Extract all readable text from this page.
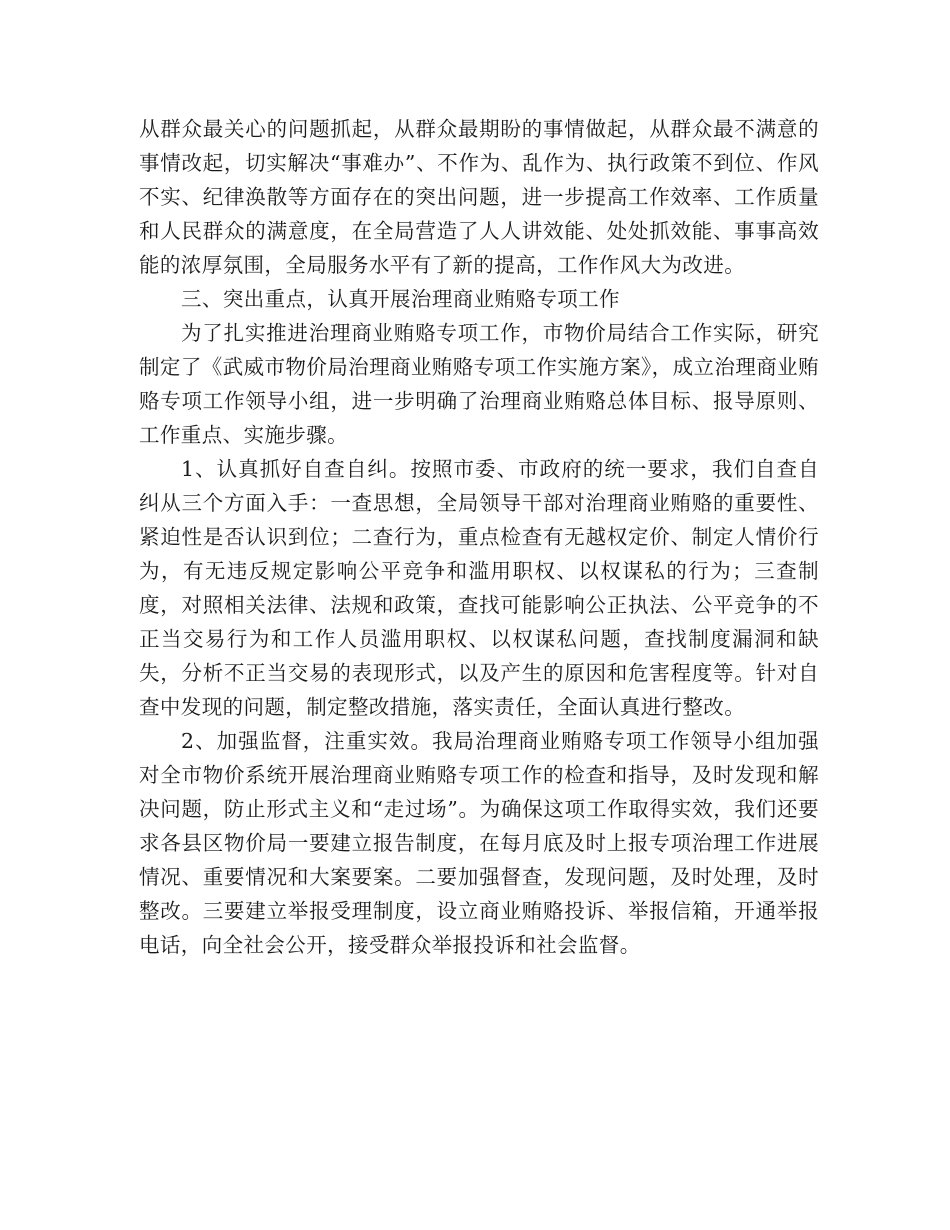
从群众最关心的问题抓起，从群众最期盼的事情做起，从群众最不满意的事情改起，切实解决“事难办”、不作为、乱作为、执行政策不到位、作风不实、纪律涣散等方面存在的突出问题，进一步提高工作效率、工作质量和人民群众的满意度，在全局营造了人人讲效能、处处抓效能、事事高效能的浓厚氛围，全局服务水平有了新的提高，工作作风大为改进。

三、突出重点，认真开展治理商业贿赂专项工作

为了扎实推进治理商业贿赂专项工作，市物价局结合工作实际，研究制定了《武威市物价局治理商业贿赂专项工作实施方案》，成立治理商业贿赂专项工作领导小组，进一步明确了治理商业贿赂总体目标、报导原则、工作重点、实施步骤。

1、认真抓好自查自纠。按照市委、市政府的统一要求，我们自查自纠从三个方面入手：一查思想，全局领导干部对治理商业贿赂的重要性、紧迫性是否认识到位；二查行为，重点检查有无越权定价、制定人情价行为，有无违反规定影响公平竞争和滥用职权、以权谋私的行为；三查制度，对照相关法律、法规和政策，查找可能影响公正执法、公平竞争的不正当交易行为和工作人员滥用职权、以权谋私问题，查找制度漏洞和缺失，分析不正当交易的表现形式，以及产生的原因和危害程度等。针对自查中发现的问题，制定整改措施，落实责任，全面认真进行整改。

2、加强监督，注重实效。我局治理商业贿赂专项工作领导小组加强对全市物价系统开展治理商业贿赂专项工作的检查和指导，及时发现和解决问题，防止形式主义和“走过场”。为确保这项工作取得实效，我们还要求各县区物价局一要建立报告制度，在每月底及时上报专项治理工作进展情况、重要情况和大案要案。二要加强督查，发现问题，及时处理，及时整改。三要建立举报受理制度，设立商业贿赂投诉、举报信箱，开通举报电话，向全社会公开，接受群众举报投诉和社会监督。
